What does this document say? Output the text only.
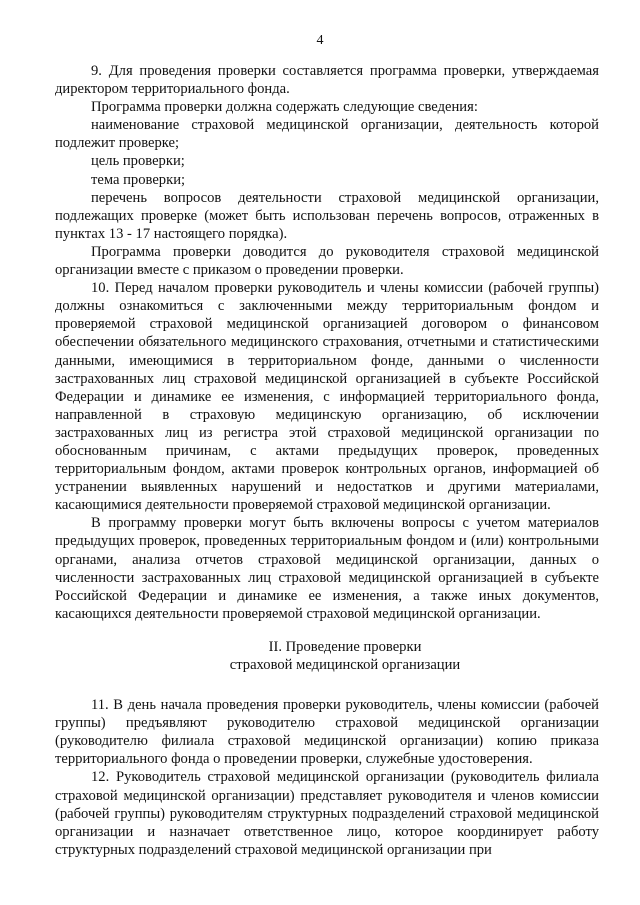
4

9. Для проведения проверки составляется программа проверки, утверждаемая директором территориального фонда.

Программа проверки должна содержать следующие сведения:

наименование страховой медицинской организации, деятельность которой подлежит проверке;

цель проверки;

тема проверки;

перечень вопросов деятельности страховой медицинской организации, подлежащих проверке (может быть использован перечень вопросов, отраженных в пунктах 13 - 17 настоящего порядка).

Программа проверки доводится до руководителя страховой медицинской организации вместе с приказом о проведении проверки.

10. Перед началом проверки руководитель и члены комиссии (рабочей группы) должны ознакомиться с заключенными между территориальным фондом и проверяемой страховой медицинской организацией договором о финансовом обеспечении обязательного медицинского страхования, отчетными и статистическими данными, имеющимися в территориальном фонде, данными о численности застрахованных лиц страховой медицинской организацией в субъекте Российской Федерации и динамике ее изменения, с информацией территориального фонда, направленной в страховую медицинскую организацию, об исключении застрахованных лиц из регистра этой страховой медицинской организации по обоснованным причинам, с актами предыдущих проверок, проведенных территориальным фондом, актами проверок контрольных органов, информацией об устранении выявленных нарушений и недостатков и другими материалами, касающимися деятельности проверяемой страховой медицинской организации.

В программу проверки могут быть включены вопросы с учетом материалов предыдущих проверок, проведенных территориальным фондом и (или) контрольными органами, анализа отчетов страховой медицинской организации, данных о численности застрахованных лиц страховой медицинской организацией в субъекте Российской Федерации и динамике ее изменения, а также иных документов, касающихся деятельности проверяемой страховой медицинской организации.

II. Проведение проверки

страховой медицинской организации

11. В день начала проведения проверки руководитель, члены комиссии (рабочей группы) предъявляют руководителю страховой медицинской организации (руководителю филиала страховой медицинской организации) копию приказа территориального фонда о проведении проверки, служебные удостоверения.

12. Руководитель страховой медицинской организации (руководитель филиала страховой медицинской организации) представляет руководителя и членов комиссии (рабочей группы) руководителям структурных подразделений страховой медицинской организации и назначает ответственное лицо, которое координирует работу структурных подразделений страховой медицинской организации при
